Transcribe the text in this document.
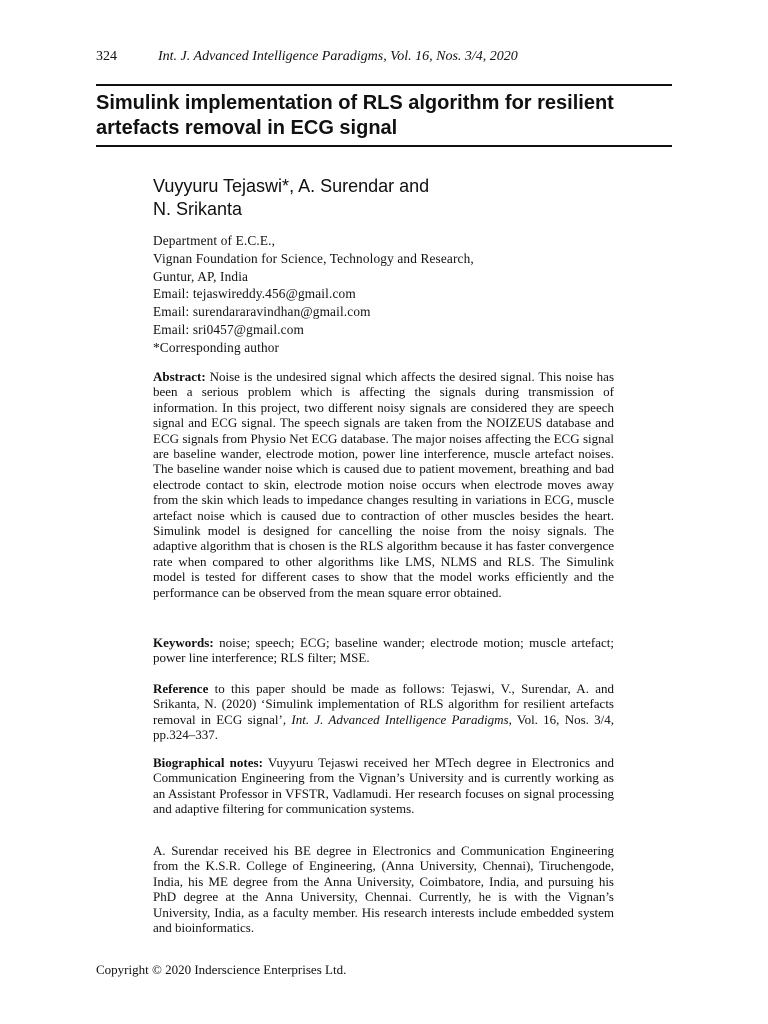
324	Int. J. Advanced Intelligence Paradigms, Vol. 16, Nos. 3/4, 2020
Simulink implementation of RLS algorithm for resilient artefacts removal in ECG signal
Vuyyuru Tejaswi*, A. Surendar and
N. Srikanta
Department of E.C.E.,
Vignan Foundation for Science, Technology and Research,
Guntur, AP, India
Email: tejaswireddy.456@gmail.com
Email: surendararavindhan@gmail.com
Email: sri0457@gmail.com
*Corresponding author

Abstract: Noise is the undesired signal which affects the desired signal. This noise has been a serious problem which is affecting the signals during transmission of information. In this project, two different noisy signals are considered they are speech signal and ECG signal. The speech signals are taken from the NOIZEUS database and ECG signals from Physio Net ECG database. The major noises affecting the ECG signal are baseline wander, electrode motion, power line interference, muscle artefact noises. The baseline wander noise which is caused due to patient movement, breathing and bad electrode contact to skin, electrode motion noise occurs when electrode moves away from the skin which leads to impedance changes resulting in variations in ECG, muscle artefact noise which is caused due to contraction of other muscles besides the heart. Simulink model is designed for cancelling the noise from the noisy signals. The adaptive algorithm that is chosen is the RLS algorithm because it has faster convergence rate when compared to other algorithms like LMS, NLMS and RLS. The Simulink model is tested for different cases to show that the model works efficiently and the performance can be observed from the mean square error obtained.

Keywords: noise; speech; ECG; baseline wander; electrode motion; muscle artefact; power line interference; RLS filter; MSE.

Reference to this paper should be made as follows: Tejaswi, V., Surendar, A. and Srikanta, N. (2020) ‘Simulink implementation of RLS algorithm for resilient artefacts removal in ECG signal’, Int. J. Advanced Intelligence Paradigms, Vol. 16, Nos. 3/4, pp.324–337.

Biographical notes: Vuyyuru Tejaswi received her MTech degree in Electronics and Communication Engineering from the Vignan’s University and is currently working as an Assistant Professor in VFSTR, Vadlamudi. Her research focuses on signal processing and adaptive filtering for communication systems.

A. Surendar received his BE degree in Electronics and Communication Engineering from the K.S.R. College of Engineering, (Anna University, Chennai), Tiruchengode, India, his ME degree from the Anna University, Coimbatore, India, and pursuing his PhD degree at the Anna University, Chennai. Currently, he is with the Vignan’s University, India, as a faculty member. His research interests include embedded system and bioinformatics.

Copyright © 2020 Inderscience Enterprises Ltd.
